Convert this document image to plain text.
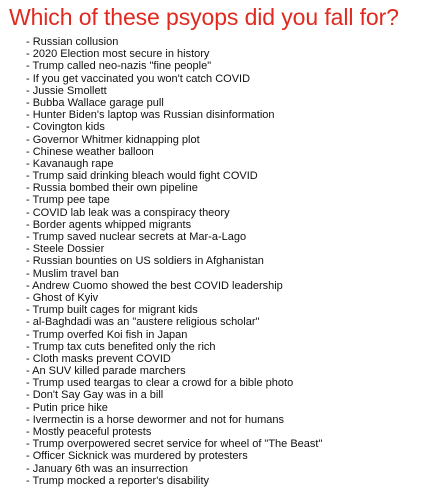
Which of these psyops did you fall for?
- Russian collusion
- 2020 Election most secure in history
- Trump called neo-nazis "fine people"
- If you get vaccinated you won't catch COVID
- Jussie Smollett
- Bubba Wallace garage pull
- Hunter Biden's laptop was Russian disinformation
- Covington kids
- Governor Whitmer kidnapping plot
- Chinese weather balloon
- Kavanaugh rape
- Trump said drinking bleach would fight COVID
- Russia bombed their own pipeline
- Trump pee tape
- COVID lab leak was a conspiracy theory
- Border agents whipped migrants
- Trump saved nuclear secrets at Mar-a-Lago
- Steele Dossier
- Russian bounties on US soldiers in Afghanistan
- Muslim travel ban
- Andrew Cuomo showed the best COVID leadership
- Ghost of Kyiv
- Trump built cages for migrant kids
- al-Baghdadi was an "austere religious scholar"
- Trump overfed Koi fish in Japan
- Trump tax cuts benefited only the rich
- Cloth masks prevent COVID
- An SUV killed parade marchers
- Trump used teargas to clear a crowd for a bible photo
- Don't Say Gay was in a bill
- Putin price hike
- Ivermectin is a horse dewormer and not for humans
- Mostly peaceful protests
- Trump overpowered secret service for wheel of "The Beast"
- Officer Sicknick was murdered by protesters
- January 6th was an insurrection
- Trump mocked a reporter's disability
